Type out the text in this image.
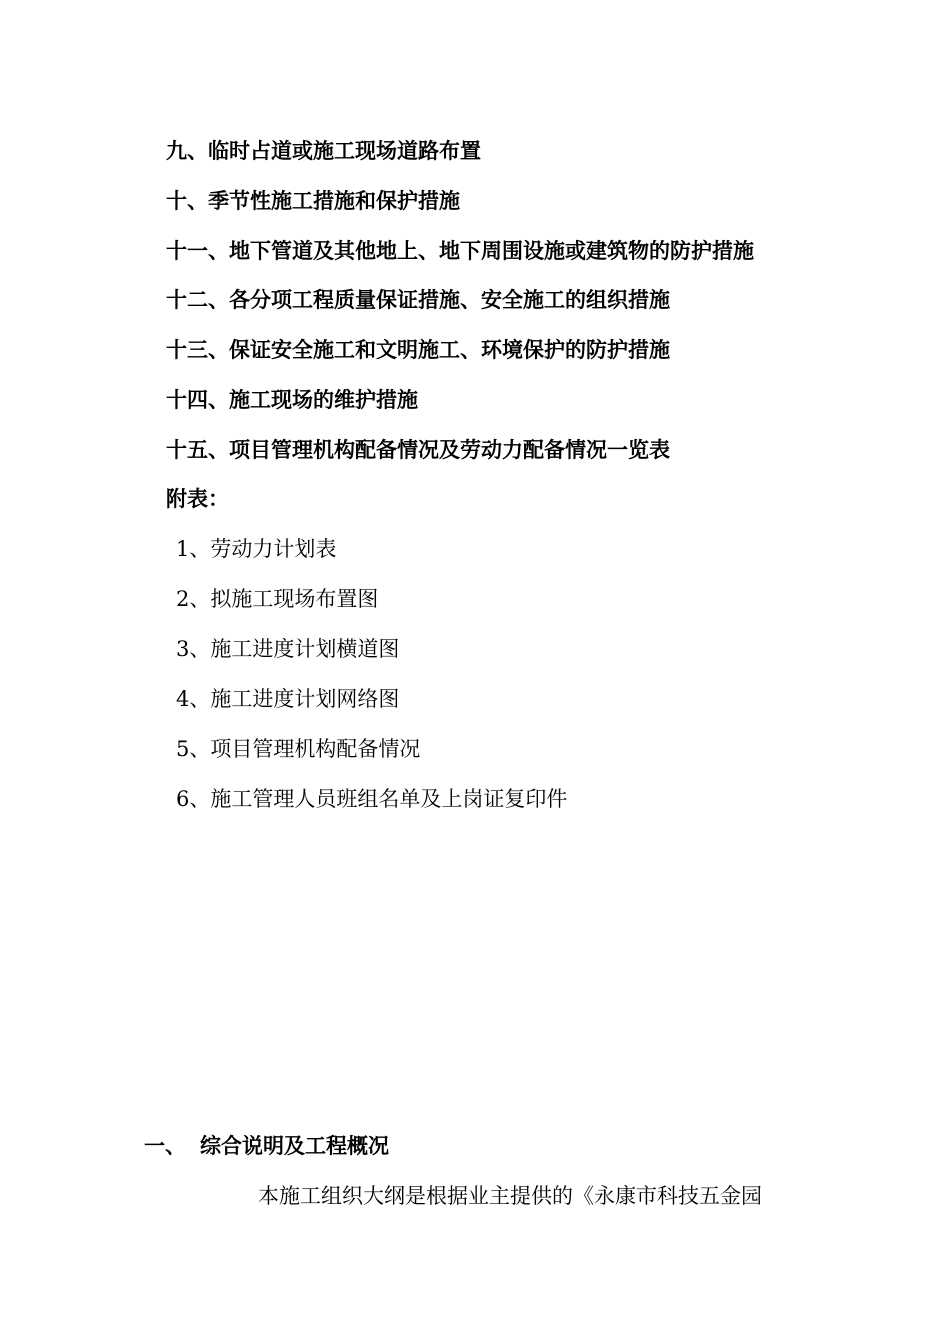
九、临时占道或施工现场道路布置
十、季节性施工措施和保护措施
十一、地下管道及其他地上、地下周围设施或建筑物的防护措施
十二、各分项工程质量保证措施、安全施工的组织措施
十三、保证安全施工和文明施工、环境保护的防护措施
十四、施工现场的维护措施
十五、项目管理机构配备情况及劳动力配备情况一览表
附表：
1、劳动力计划表
2、拟施工现场布置图
3、施工进度计划横道图
4、施工进度计划网络图
5、项目管理机构配备情况
6、施工管理人员班组名单及上岗证复印件
一、 综合说明及工程概况
本施工组织大纲是根据业主提供的《永康市科技五金园
